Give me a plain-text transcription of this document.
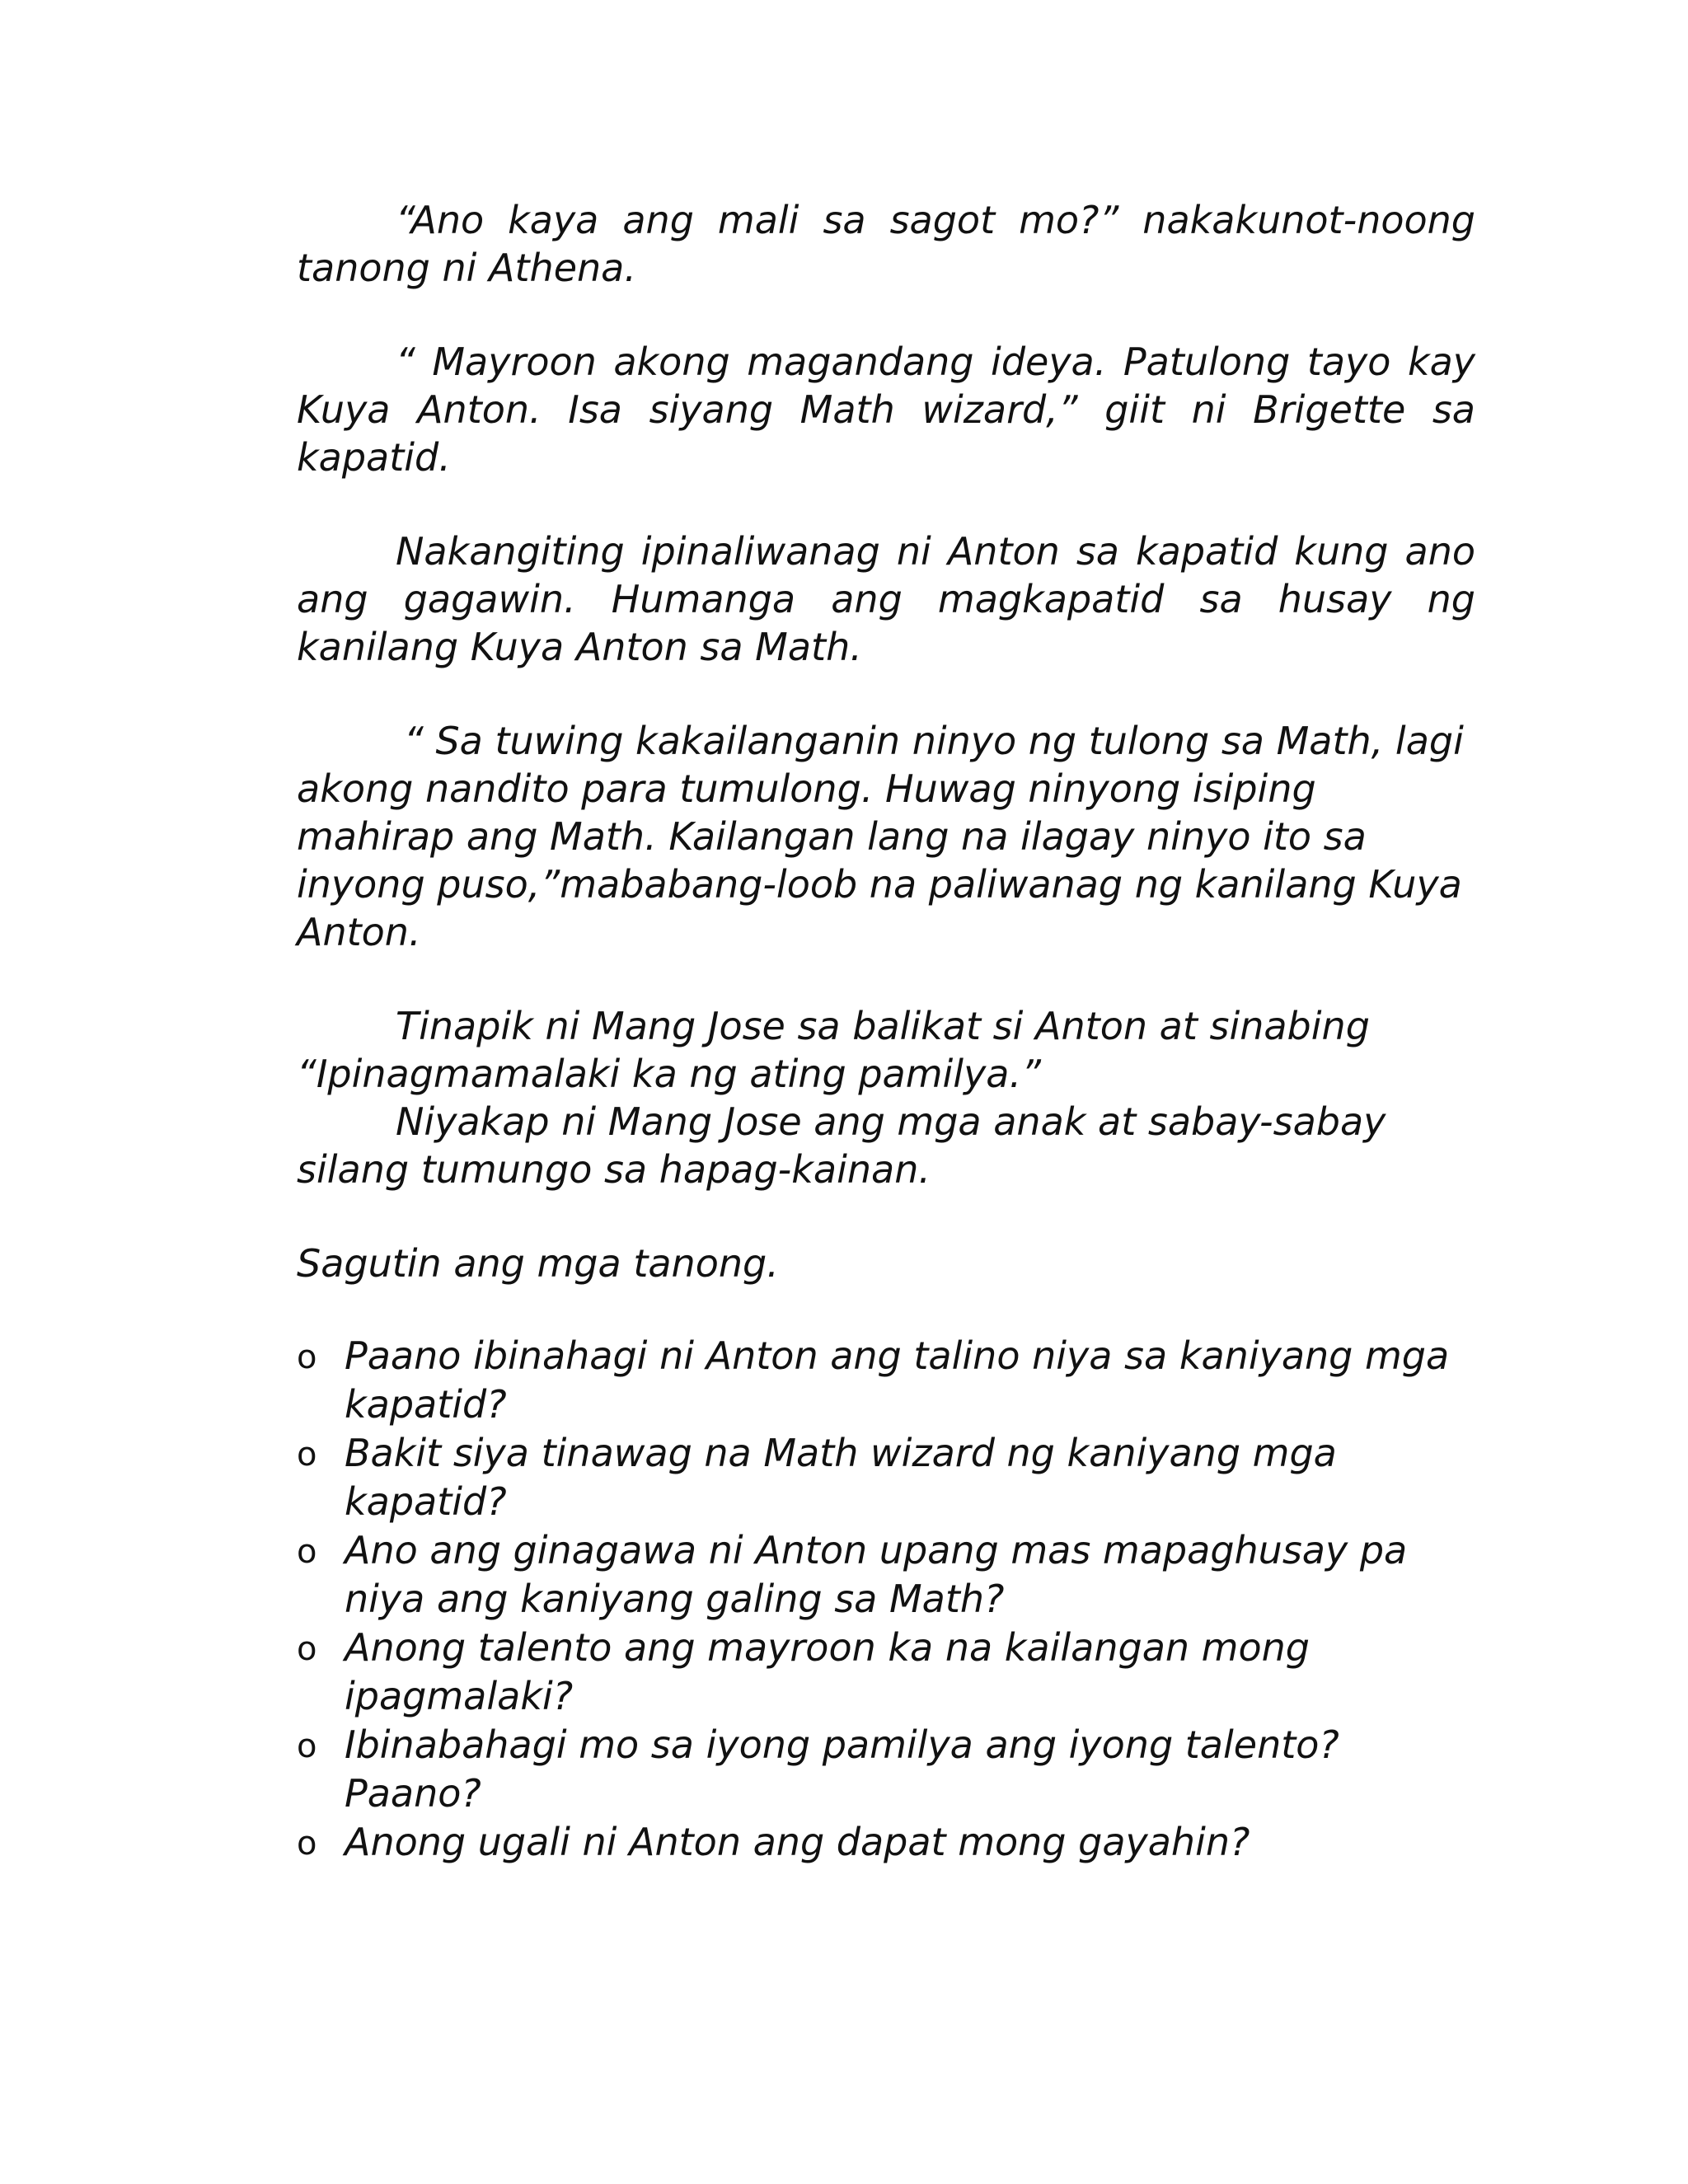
“Ano kaya ang mali sa sagot mo?” nakakunot-noong tanong ni Athena.

“ Mayroon akong magandang ideya. Patulong tayo kay Kuya Anton. Isa siyang Math wizard,” giit ni Brigette sa kapatid.

Nakangiting ipinaliwanag ni Anton sa kapatid kung ano ang gagawin. Humanga ang magkapatid sa husay ng kanilang Kuya Anton sa Math.

“ Sa tuwing kakailanganin ninyo ng tulong sa Math, lagi akong nandito para tumulong. Huwag ninyong isiping mahirap ang Math. Kailangan lang na ilagay ninyo ito sa inyong puso,”mababang-loob na paliwanag ng kanilang Kuya Anton.

Tinapik ni Mang Jose sa balikat si Anton at sinabing “Ipinagmamalaki ka ng ating pamilya.”

Niyakap ni Mang Jose ang mga anak at sabay-sabay silang tumungo sa hapag-kainan.

Sagutin ang mga tanong.

o Paano ibinahagi ni Anton ang talino niya sa kaniyang mga kapatid?
o Bakit siya tinawag na Math wizard ng kaniyang mga kapatid?
o Ano ang ginagawa ni Anton upang mas mapaghusay pa niya ang kaniyang galing sa Math?
o Anong talento ang mayroon ka na kailangan mong ipagmalaki?
o Ibinabahagi mo sa iyong pamilya ang iyong talento? Paano?
o Anong ugali ni Anton ang dapat mong gayahin?
